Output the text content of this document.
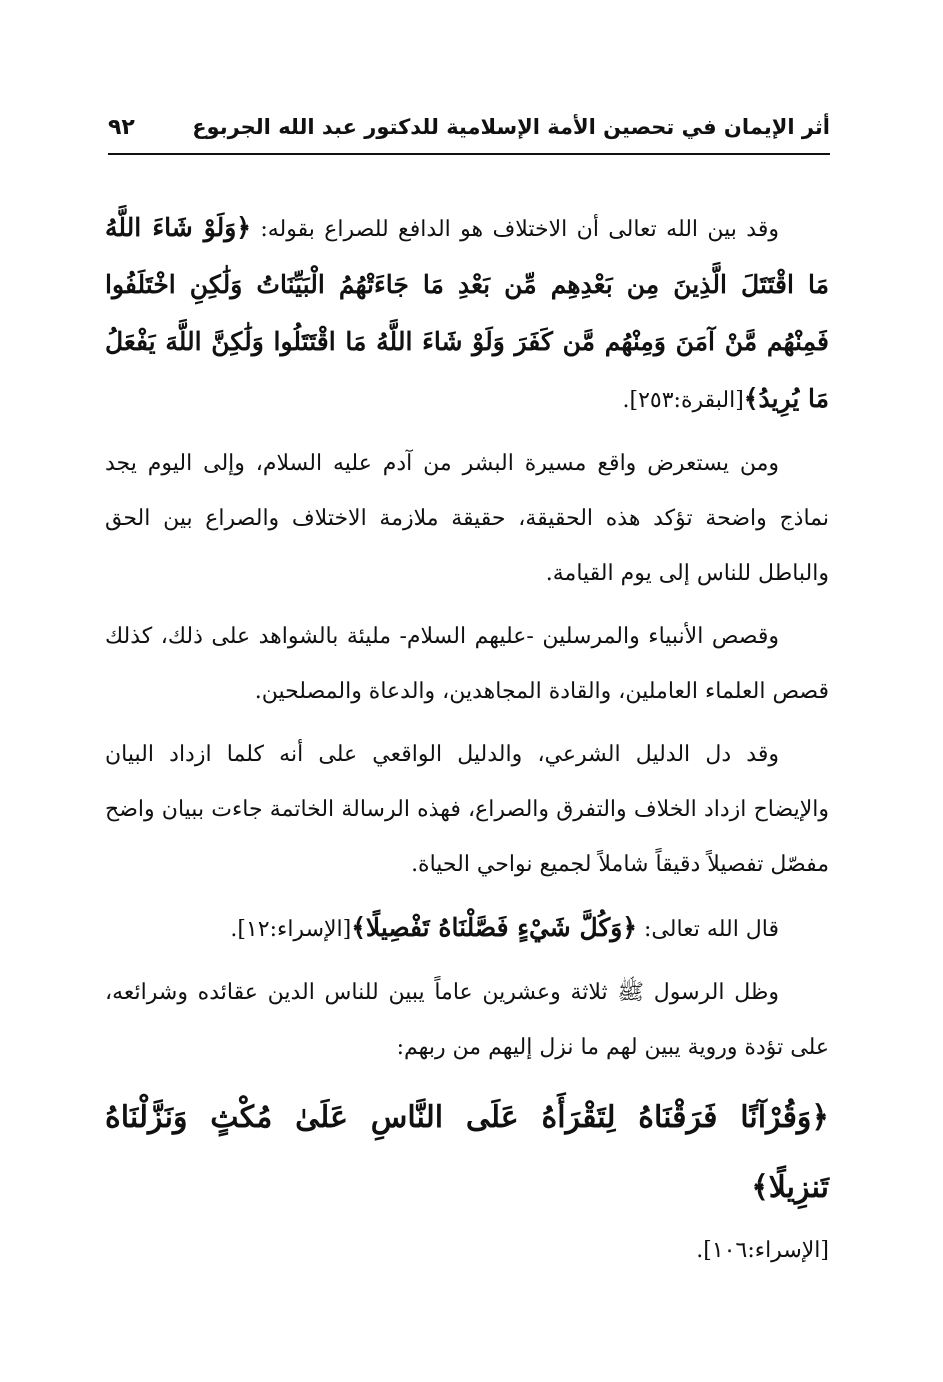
أثر الإيمان في تحصين الأمة الإسلامية للدكتور عبد الله الجربوع
٩٢

وقد بين الله تعالى أن الاختلاف هو الدافع للصراع بقوله: ﴿وَلَوْ شَاءَ اللَّهُ مَا اقْتَتَلَ الَّذِينَ مِن بَعْدِهِم مِّن بَعْدِ مَا جَاءَتْهُمُ الْبَيِّنَاتُ وَلَٰكِنِ اخْتَلَفُوا فَمِنْهُم مَّنْ آمَنَ وَمِنْهُم مَّن كَفَرَ وَلَوْ شَاءَ اللَّهُ مَا اقْتَتَلُوا وَلَٰكِنَّ اللَّهَ يَفْعَلُ مَا يُرِيدُ﴾[البقرة:٢٥٣].

ومن يستعرض واقع مسيرة البشر من آدم عليه السلام، وإلى اليوم يجد نماذج واضحة تؤكد هذه الحقيقة، حقيقة ملازمة الاختلاف والصراع بين الحق والباطل للناس إلى يوم القيامة.

وقصص الأنبياء والمرسلين -عليهم السلام- مليئة بالشواهد على ذلك، كذلك قصص العلماء العاملين، والقادة المجاهدين، والدعاة والمصلحين.

وقد دل الدليل الشرعي، والدليل الواقعي على أنه كلما ازداد البيان والإيضاح ازداد الخلاف والتفرق والصراع، فهذه الرسالة الخاتمة جاءت ببيان واضح مفصّل تفصيلاً دقيقاً شاملاً لجميع نواحي الحياة.

قال الله تعالى: ﴿وَكُلَّ شَيْءٍ فَصَّلْنَاهُ تَفْصِيلًا﴾[الإسراء:١٢].

وظل الرسول ﷺ ثلاثة وعشرين عاماً يبين للناس الدين عقائده وشرائعه، على تؤدة وروية يبين لهم ما نزل إليهم من ربهم:

﴿وَقُرْآنًا فَرَقْنَاهُ لِتَقْرَأَهُ عَلَى النَّاسِ عَلَىٰ مُكْثٍ وَنَزَّلْنَاهُ تَنزِيلًا﴾

[الإسراء:١٠٦].
